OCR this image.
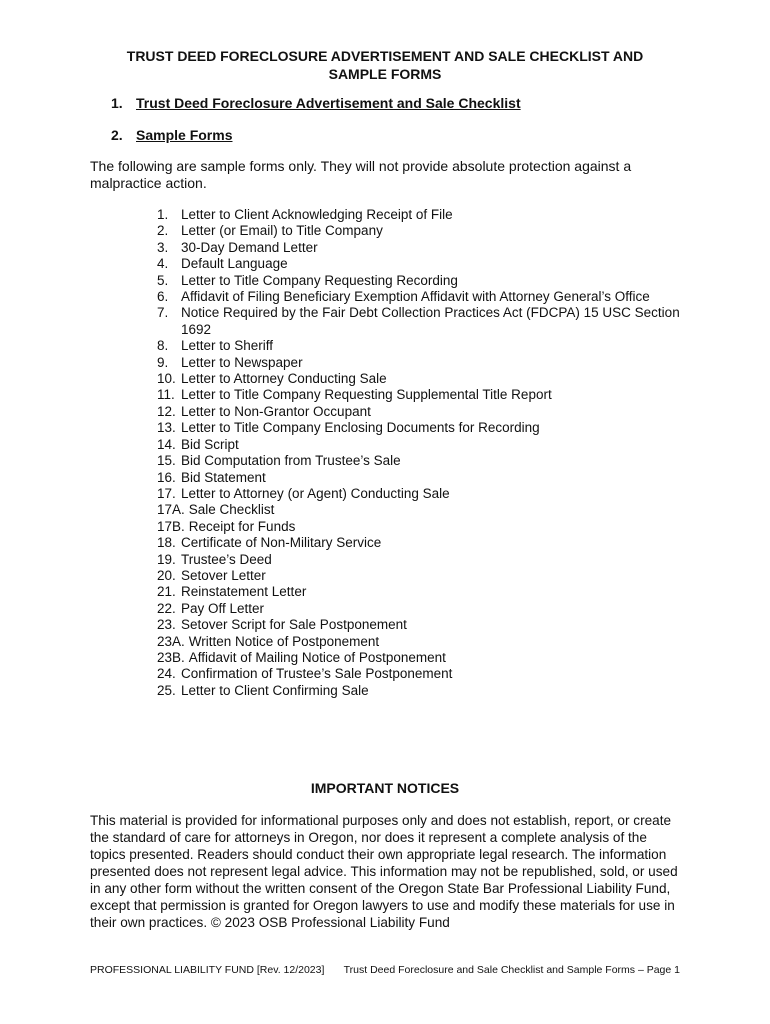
TRUST DEED FORECLOSURE ADVERTISEMENT AND SALE CHECKLIST AND
SAMPLE FORMS
1. Trust Deed Foreclosure Advertisement and Sale Checklist
2. Sample Forms
The following are sample forms only. They will not provide absolute protection against a malpractice action.
1. Letter to Client Acknowledging Receipt of File
2. Letter (or Email) to Title Company
3. 30-Day Demand Letter
4. Default Language
5. Letter to Title Company Requesting Recording
6. Affidavit of Filing Beneficiary Exemption Affidavit with Attorney General’s Office
7. Notice Required by the Fair Debt Collection Practices Act (FDCPA) 15 USC Section 1692
8. Letter to Sheriff
9. Letter to Newspaper
10. Letter to Attorney Conducting Sale
11. Letter to Title Company Requesting Supplemental Title Report
12. Letter to Non-Grantor Occupant
13. Letter to Title Company Enclosing Documents for Recording
14. Bid Script
15. Bid Computation from Trustee’s Sale
16. Bid Statement
17. Letter to Attorney (or Agent) Conducting Sale
17A. Sale Checklist
17B. Receipt for Funds
18. Certificate of Non-Military Service
19. Trustee’s Deed
20. Setover Letter
21. Reinstatement Letter
22. Pay Off Letter
23. Setover Script for Sale Postponement
23A. Written Notice of Postponement
23B. Affidavit of Mailing Notice of Postponement
24. Confirmation of Trustee’s Sale Postponement
25. Letter to Client Confirming Sale
IMPORTANT NOTICES
This material is provided for informational purposes only and does not establish, report, or create the standard of care for attorneys in Oregon, nor does it represent a complete analysis of the topics presented. Readers should conduct their own appropriate legal research. The information presented does not represent legal advice. This information may not be republished, sold, or used in any other form without the written consent of the Oregon State Bar Professional Liability Fund, except that permission is granted for Oregon lawyers to use and modify these materials for use in their own practices. © 2023 OSB Professional Liability Fund
PROFESSIONAL LIABILITY FUND [Rev. 12/2023] Trust Deed Foreclosure and Sale Checklist and Sample Forms – Page 1
